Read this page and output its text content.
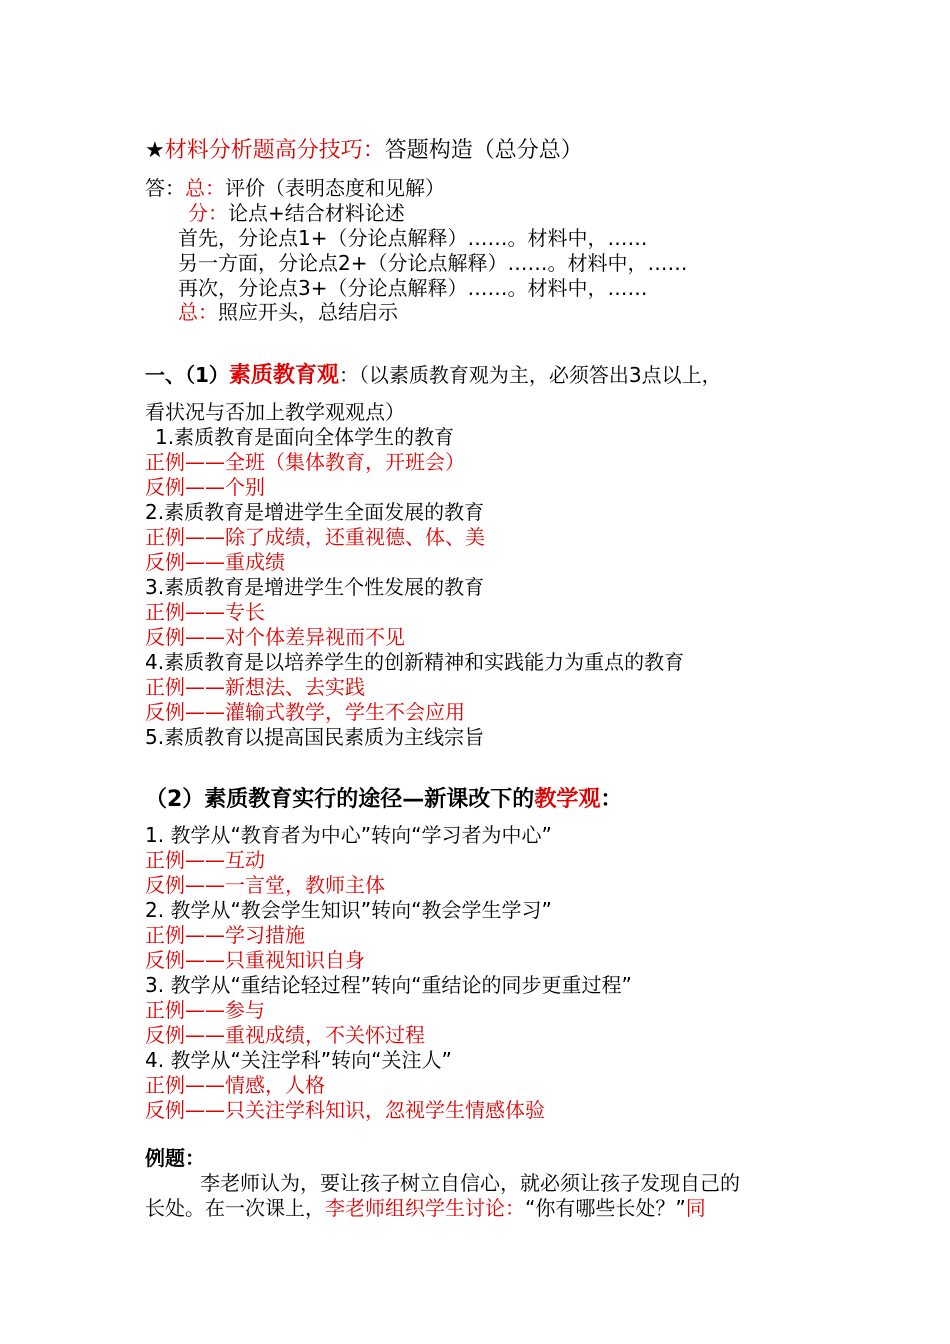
★材料分析题高分技巧：答题构造（总分总）
答：总：评价（表明态度和见解）
分：论点+结合材料论述
首先，分论点1+（分论点解释）……。材料中，……
另一方面，分论点2+（分论点解释）……。材料中，……
再次，分论点3+（分论点解释）……。材料中，……
总：照应开头，总结启示
一、（1）素质教育观：（以素质教育观为主，必须答出3点以上，
看状况与否加上教学观观点）
1.素质教育是面向全体学生的教育
正例——全班（集体教育，开班会）
反例——个别
2.素质教育是增进学生全面发展的教育
正例——除了成绩，还重视德、体、美
反例——重成绩
3.素质教育是增进学生个性发展的教育
正例——专长
反例——对个体差异视而不见
4.素质教育是以培养学生的创新精神和实践能力为重点的教育
正例——新想法、去实践
反例——灌输式教学，学生不会应用
5.素质教育以提高国民素质为主线宗旨
（2）素质教育实行的途径—新课改下的教学观：
1. 教学从“教育者为中心”转向“学习者为中心”
正例——互动
反例——一言堂，教师主体
2. 教学从“教会学生知识”转向“教会学生学习”
正例——学习措施
反例——只重视知识自身
3. 教学从“重结论轻过程”转向“重结论的同步更重过程”
正例——参与
反例——重视成绩，不关怀过程
4. 教学从“关注学科”转向“关注人”
正例——情感，人格
反例——只关注学科知识，忽视学生情感体验
例题：
李老师认为，要让孩子树立自信心，就必须让孩子发现自己的
长处。在一次课上，李老师组织学生讨论：“你有哪些长处？”同
